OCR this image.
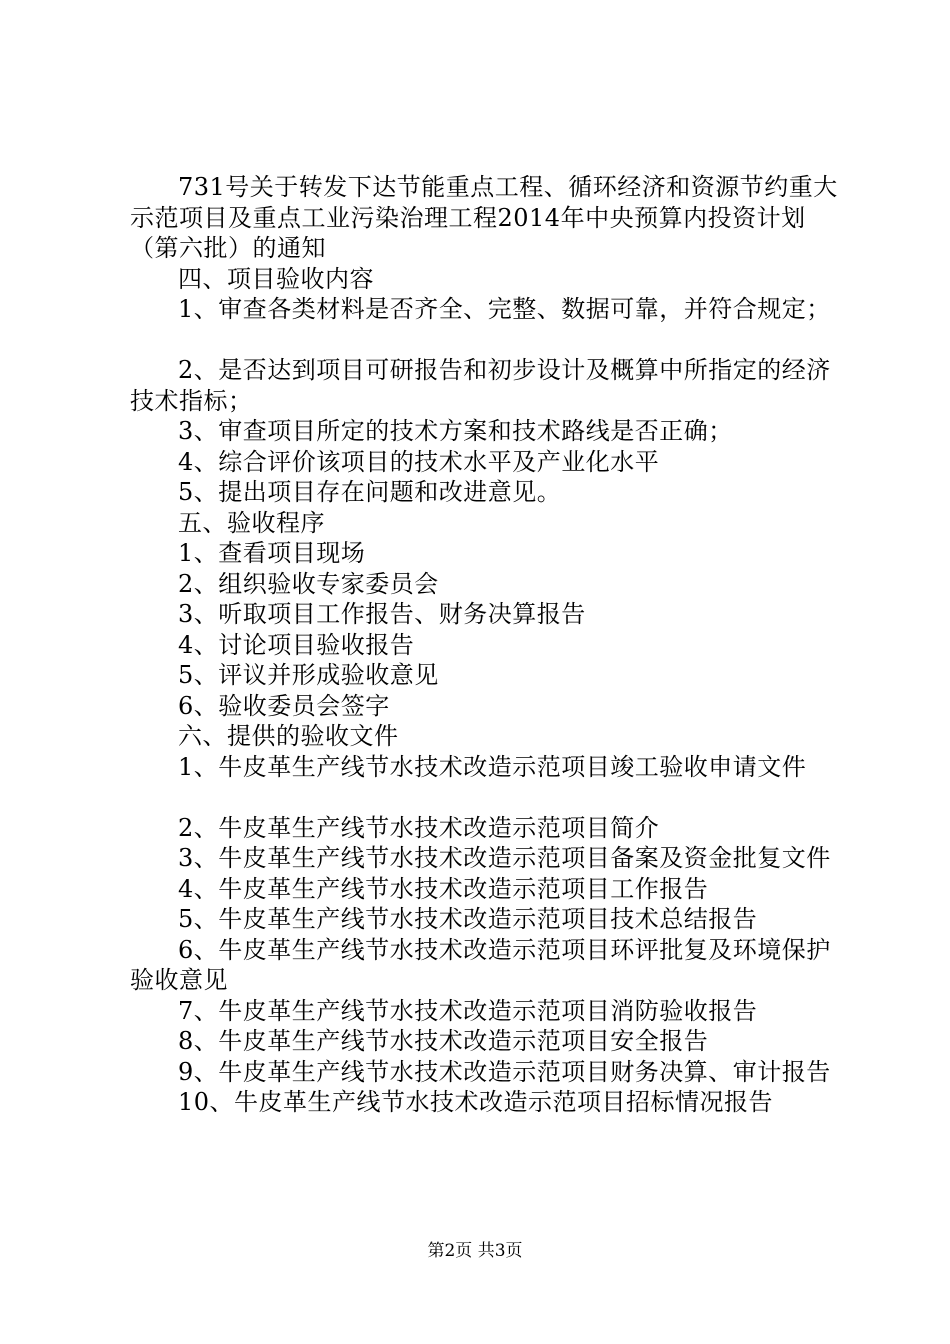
731号关于转发下达节能重点工程、循环经济和资源节约重大示范项目及重点工业污染治理工程2014年中央预算内投资计划（第六批）的通知

四、项目验收内容

1、审查各类材料是否齐全、完整、数据可靠，并符合规定；

2、是否达到项目可研报告和初步设计及概算中所指定的经济技术指标；

3、审查项目所定的技术方案和技术路线是否正确；

4、综合评价该项目的技术水平及产业化水平

5、提出项目存在问题和改进意见。

五、验收程序

1、查看项目现场

2、组织验收专家委员会

3、听取项目工作报告、财务决算报告

4、讨论项目验收报告

5、评议并形成验收意见

6、验收委员会签字

六、提供的验收文件

1、牛皮革生产线节水技术改造示范项目竣工验收申请文件

2、牛皮革生产线节水技术改造示范项目简介

3、牛皮革生产线节水技术改造示范项目备案及资金批复文件

4、牛皮革生产线节水技术改造示范项目工作报告

5、牛皮革生产线节水技术改造示范项目技术总结报告

6、牛皮革生产线节水技术改造示范项目环评批复及环境保护验收意见

7、牛皮革生产线节水技术改造示范项目消防验收报告

8、牛皮革生产线节水技术改造示范项目安全报告

9、牛皮革生产线节水技术改造示范项目财务决算、审计报告

10、牛皮革生产线节水技术改造示范项目招标情况报告

第2页 共3页
